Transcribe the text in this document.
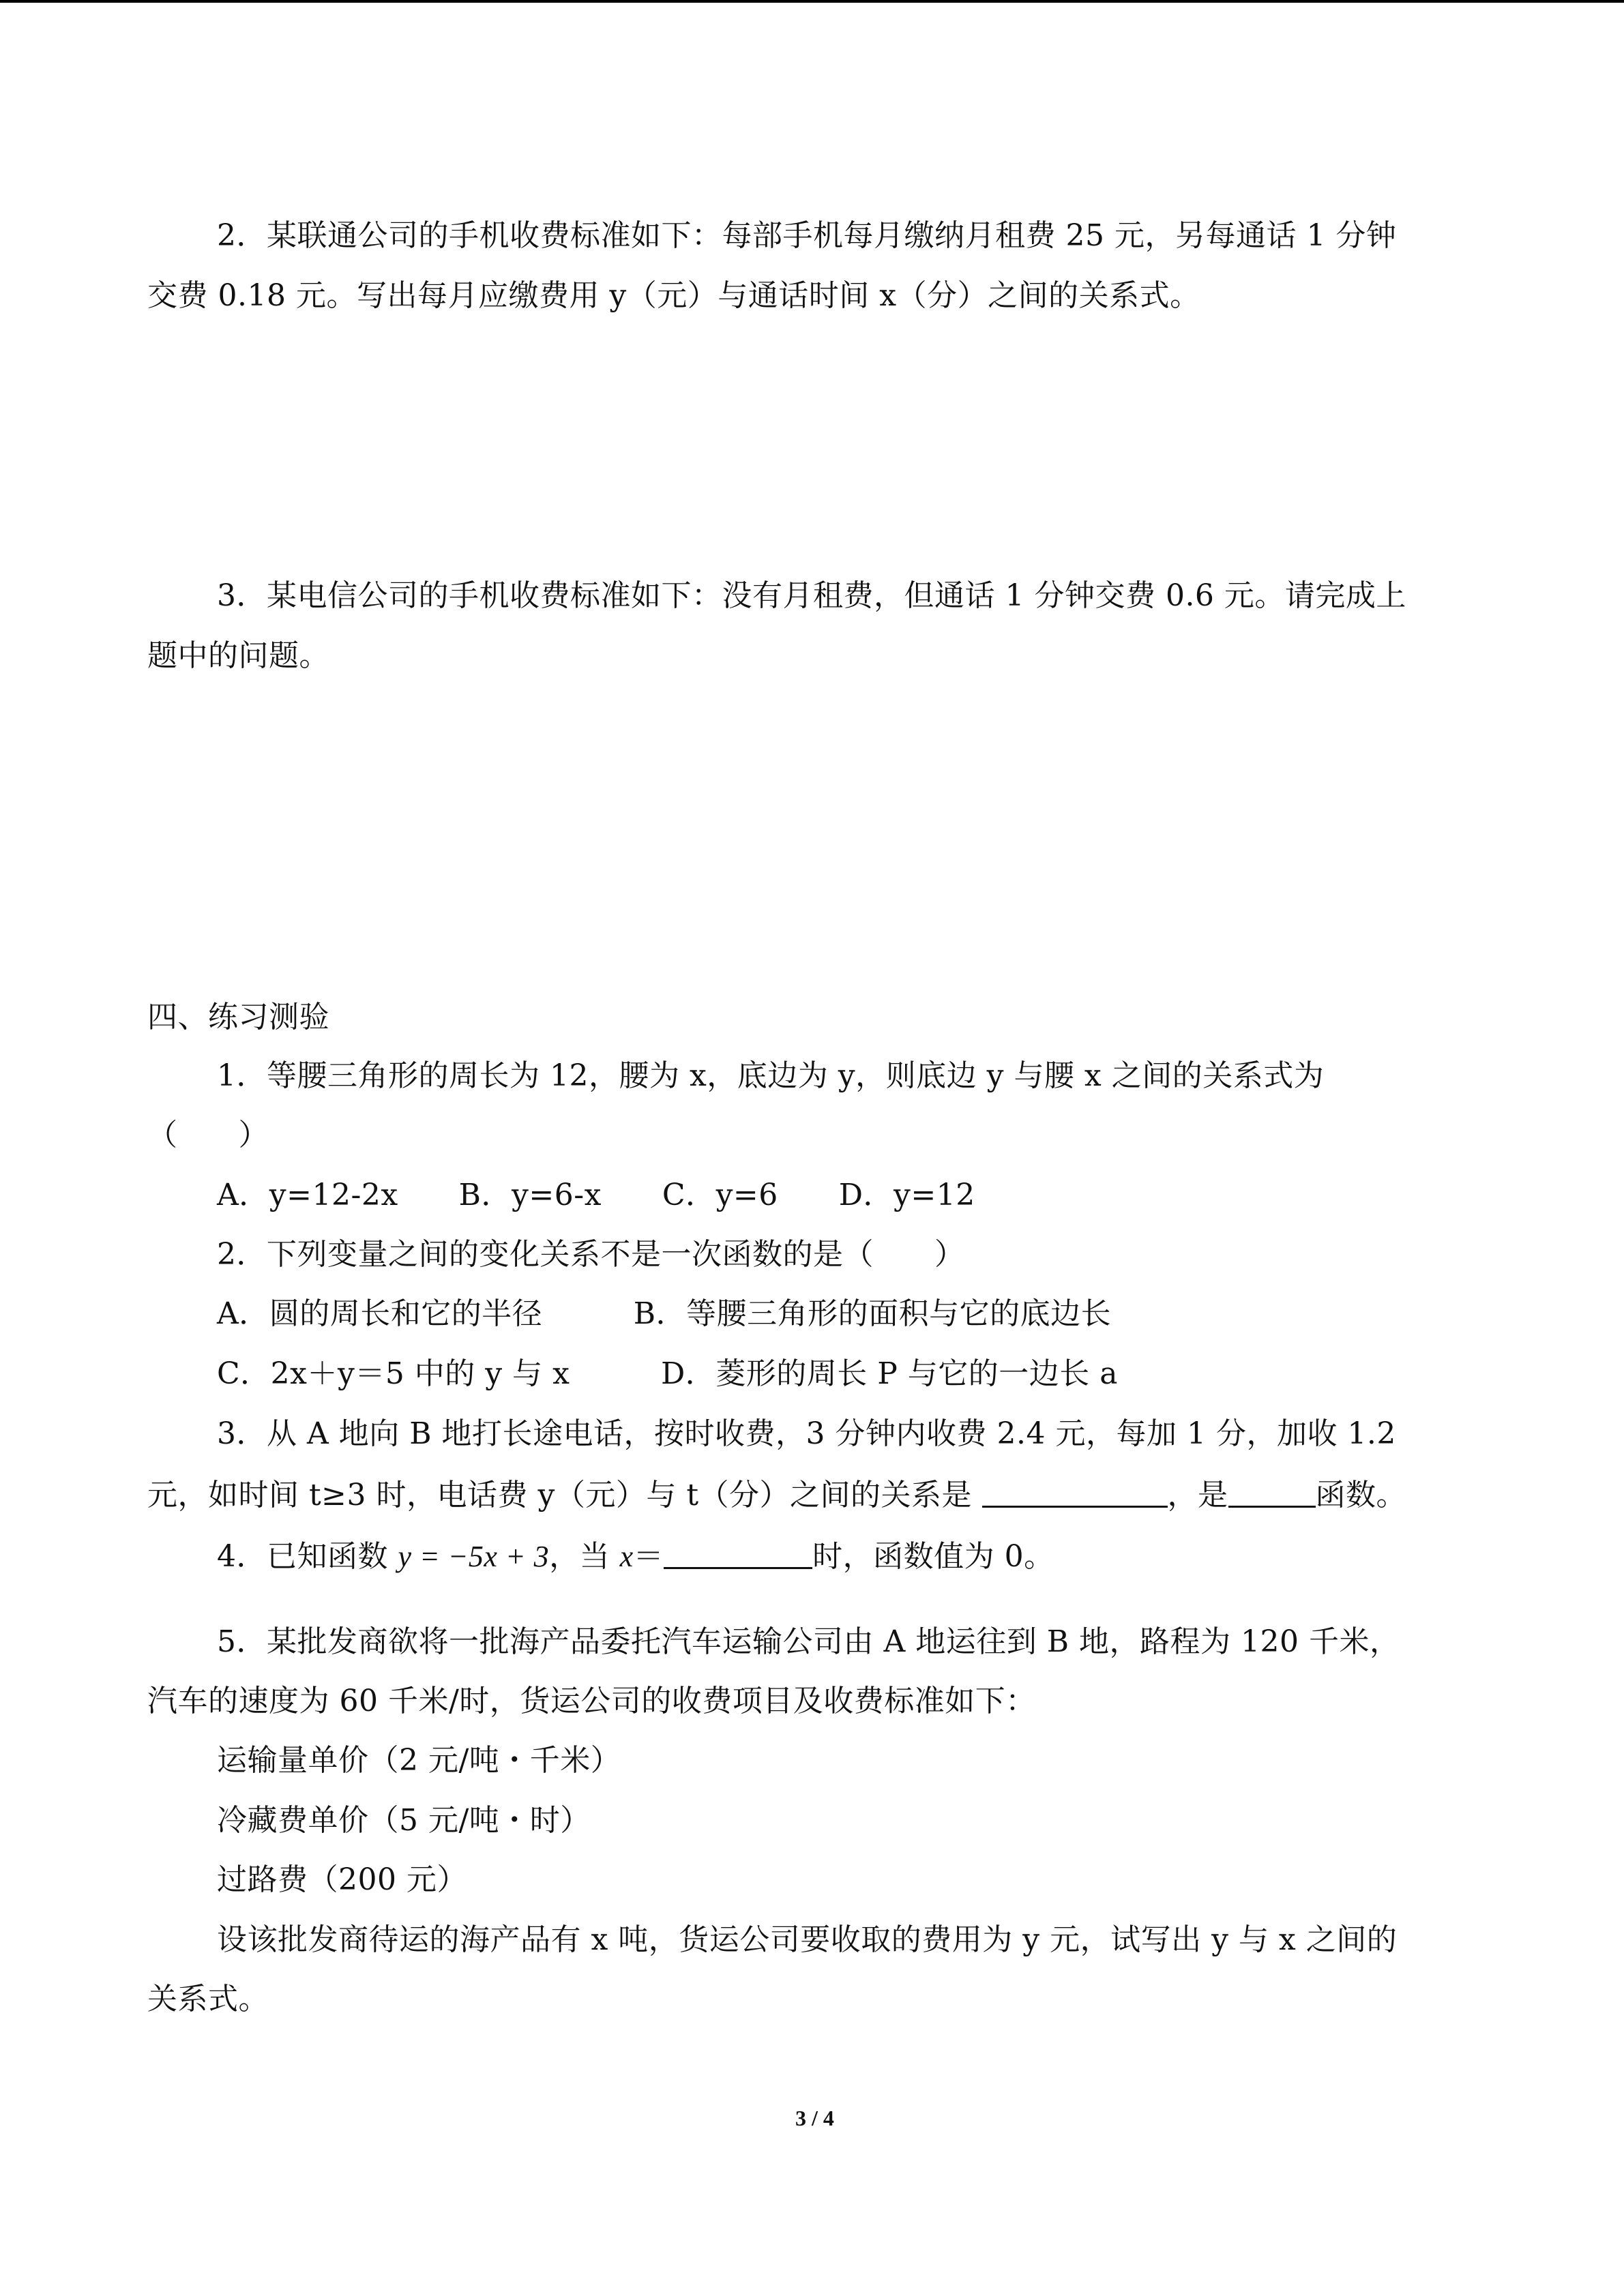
2．某联通公司的手机收费标准如下：每部手机每月缴纳月租费 25 元，另每通话 1 分钟
交费 0.18 元。写出每月应缴费用 y（元）与通话时间 x（分）之间的关系式。
3．某电信公司的手机收费标准如下：没有月租费，但通话 1 分钟交费 0.6 元。请完成上
题中的问题。
四、练习测验
1．等腰三角形的周长为 12，腰为 x，底边为 y，则底边 y 与腰 x 之间的关系式为
（　　）
A．y=12-2x　　B．y=6-x　　C．y=6　　D．y=12
2．下列变量之间的变化关系不是一次函数的是（　　）
A．圆的周长和它的半径　　　B．等腰三角形的面积与它的底边长
C．2x＋y＝5 中的 y 与 x　　　D．菱形的周长 P 与它的一边长 a
3．从 A 地向 B 地打长途电话，按时收费，3 分钟内收费 2.4 元，每加 1 分，加收 1.2
元，如时间 t≥3 时，电话费 y（元）与 t（分）之间的关系是	，是	函数。
4．已知函数 y = −5x + 3，当 x＝	时，函数值为 0。
5．某批发商欲将一批海产品委托汽车运输公司由 A 地运往到 B 地，路程为 120 千米，
汽车的速度为 60 千米/时，货运公司的收费项目及收费标准如下：
运输量单价（2 元/吨・千米）
冷藏费单价（5 元/吨・时）
过路费（200 元）
设该批发商待运的海产品有 x 吨，货运公司要收取的费用为 y 元，试写出 y 与 x 之间的
关系式。
3 / 4
